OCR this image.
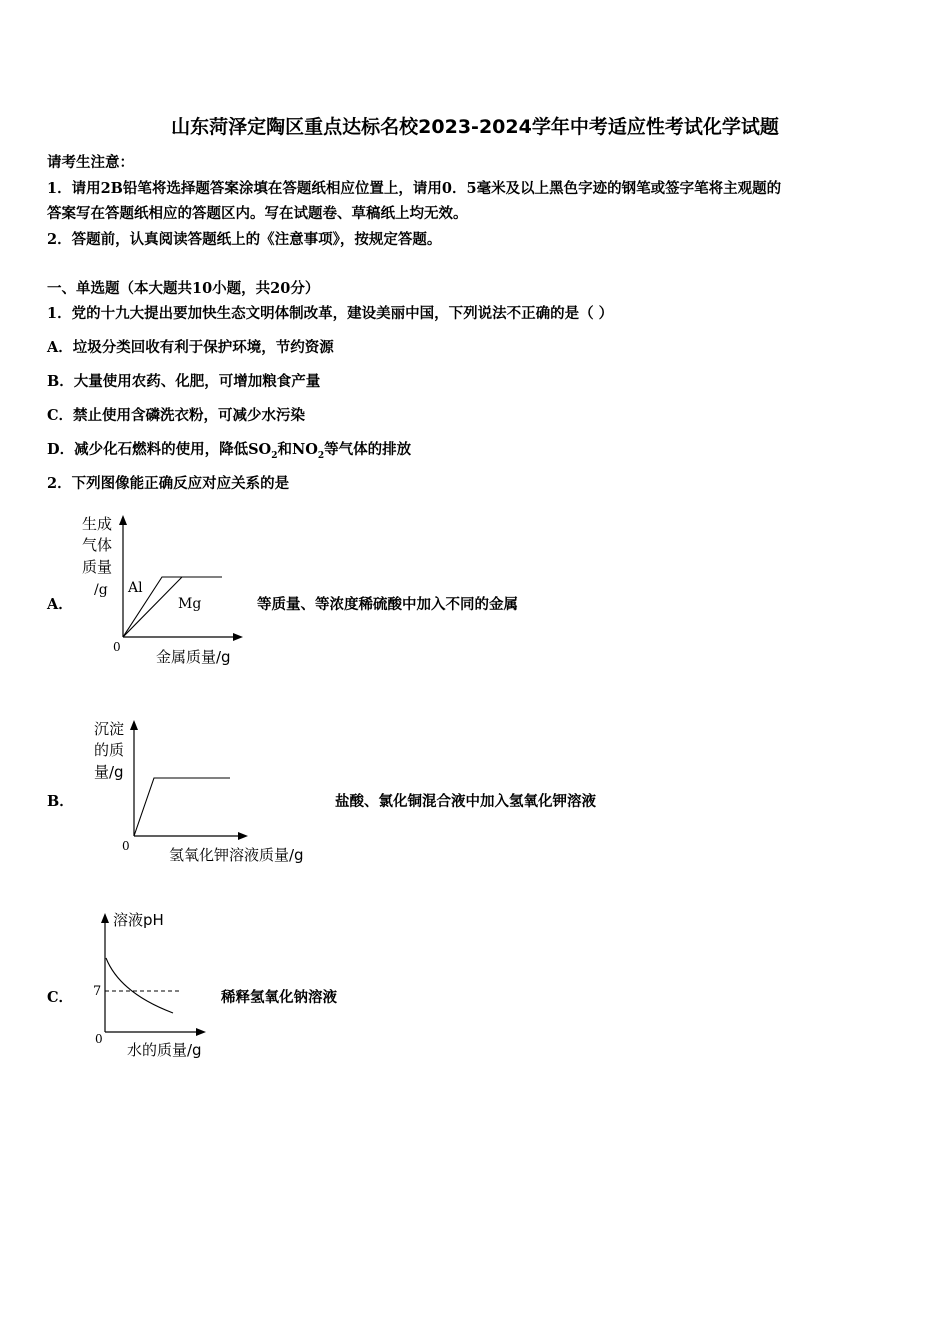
山东菏泽定陶区重点达标名校2023-2024学年中考适应性考试化学试题
请考生注意：
1．请用2B铅笔将选择题答案涂填在答题纸相应位置上，请用0．5毫米及以上黑色字迹的钢笔或签字笔将主观题的
答案写在答题纸相应的答题区内。写在试题卷、草稿纸上均无效。
2．答题前，认真阅读答题纸上的《注意事项》，按规定答题。
一、单选题（本大题共10小题，共20分）
1．党的十九大提出要加快生态文明体制改革，建设美丽中国，下列说法不正确的是（ ）
A．垃圾分类回收有利于保护环境，节约资源
B．大量使用农药、化肥，可增加粮食产量
C．禁止使用含磷洗衣粉，可减少水污染
D．减少化石燃料的使用，降低$SO_2$和$NO_2$等气体的排放
2．下列图像能正确反应对应关系的是
A．
生成
气体
质量
/g Al
Mg
0
金属质量/g
等质量、等浓度稀硫酸中加入不同的金属
B．
沉淀
的质
量/g
0	氢氧化钾溶液质量/g
盐酸、氯化铜混合液中加入氢氧化钾溶液
C．
溶液pH
7
0
水的质量/g
稀释氢氧化钠溶液
